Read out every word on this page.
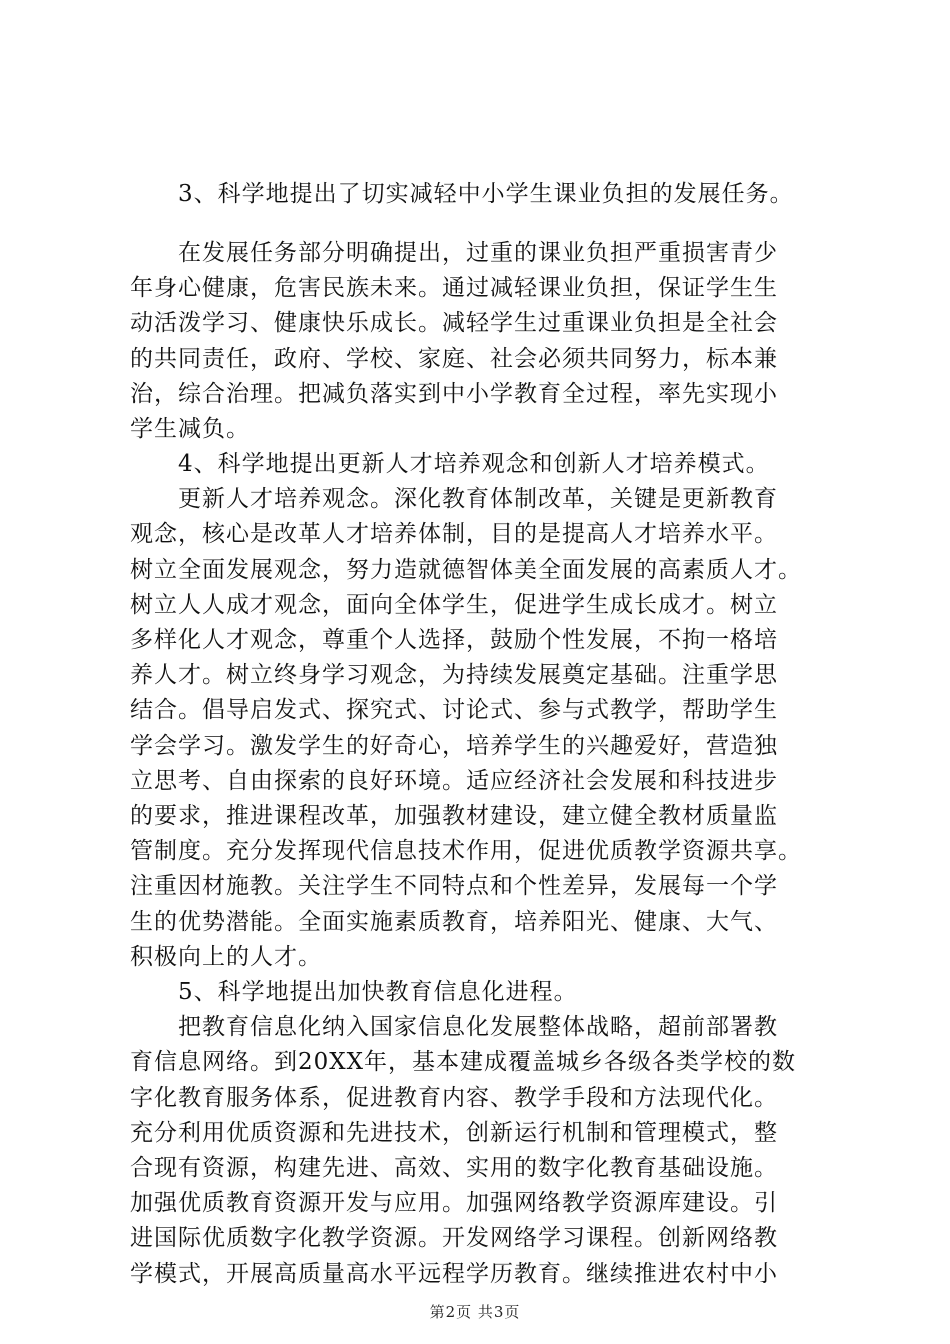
3、科学地提出了切实减轻中小学生课业负担的发展任务。
　　在发展任务部分明确提出，过重的课业负担严重损害青少
年身心健康，危害民族未来。通过减轻课业负担，保证学生生
动活泼学习、健康快乐成长。减轻学生过重课业负担是全社会
的共同责任，政府、学校、家庭、社会必须共同努力，标本兼
治，综合治理。把减负落实到中小学教育全过程，率先实现小
学生减负。
　　4、科学地提出更新人才培养观念和创新人才培养模式。
　　更新人才培养观念。深化教育体制改革，关键是更新教育
观念，核心是改革人才培养体制，目的是提高人才培养水平。
树立全面发展观念，努力造就德智体美全面发展的高素质人才。
树立人人成才观念，面向全体学生，促进学生成长成才。树立
多样化人才观念，尊重个人选择，鼓励个性发展，不拘一格培
养人才。树立终身学习观念，为持续发展奠定基础。注重学思
结合。倡导启发式、探究式、讨论式、参与式教学，帮助学生
学会学习。激发学生的好奇心，培养学生的兴趣爱好，营造独
立思考、自由探索的良好环境。适应经济社会发展和科技进步
的要求，推进课程改革，加强教材建设，建立健全教材质量监
管制度。充分发挥现代信息技术作用，促进优质教学资源共享。
注重因材施教。关注学生不同特点和个性差异，发展每一个学
生的优势潜能。全面实施素质教育，培养阳光、健康、大气、
积极向上的人才。
　　5、科学地提出加快教育信息化进程。
　　把教育信息化纳入国家信息化发展整体战略，超前部署教
育信息网络。到20XX年，基本建成覆盖城乡各级各类学校的数
字化教育服务体系，促进教育内容、教学手段和方法现代化。
充分利用优质资源和先进技术，创新运行机制和管理模式，整
合现有资源，构建先进、高效、实用的数字化教育基础设施。
加强优质教育资源开发与应用。加强网络教学资源库建设。引
进国际优质数字化教学资源。开发网络学习课程。创新网络教
学模式，开展高质量高水平远程学历教育。继续推进农村中小
第2页 共3页
